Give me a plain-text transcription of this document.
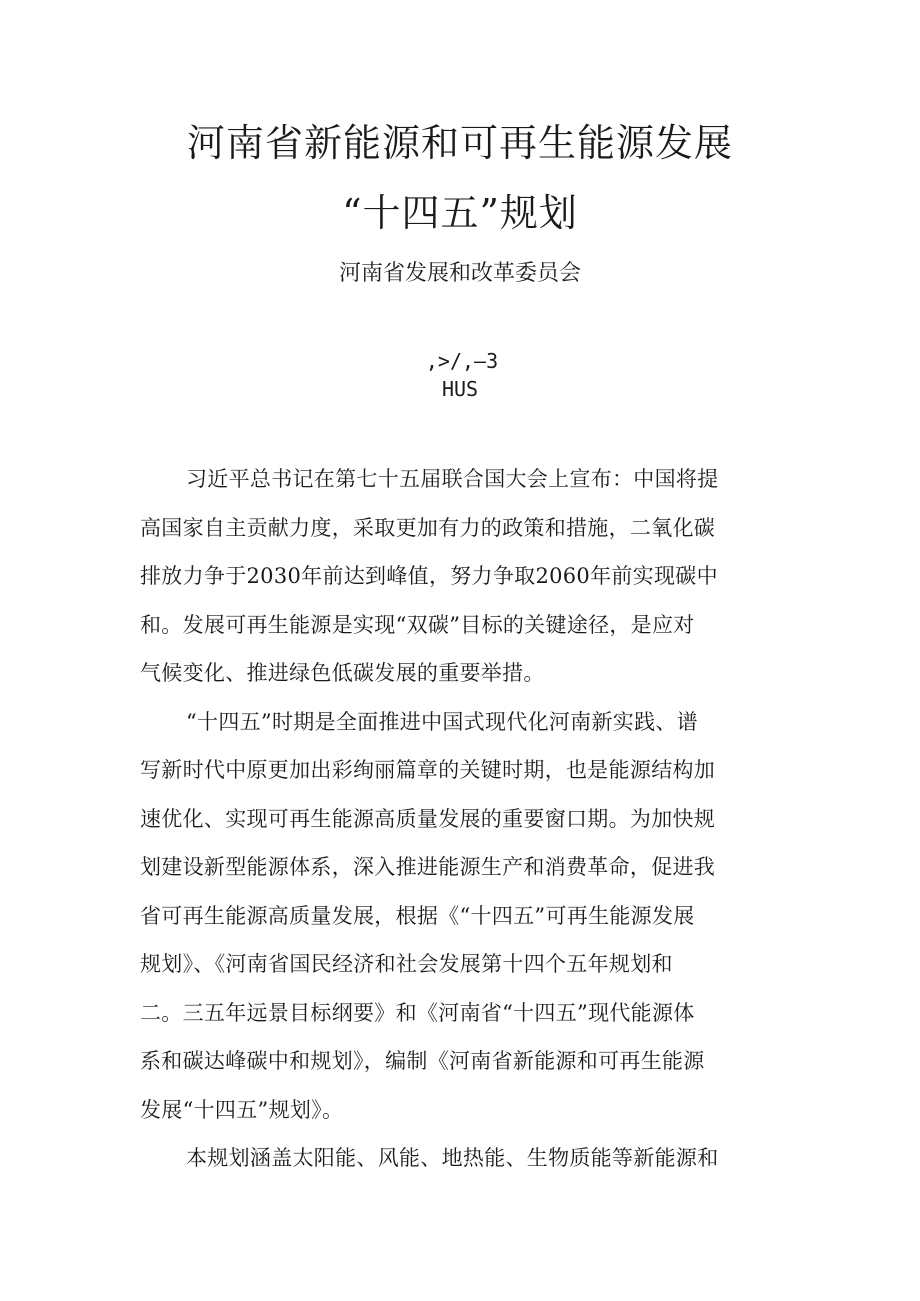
河南省新能源和可再生能源发展
“十四五”规划
河南省发展和改革委员会
,>/,—3
HUS
习近平总书记在第七十五届联合国大会上宣布：中国将提
高国家自主贡献力度，采取更加有力的政策和措施，二氧化碳
排放力争于2030年前达到峰值，努力争取2060年前实现碳中
和。发展可再生能源是实现“双碳”目标的关键途径，是应对
气候变化、推进绿色低碳发展的重要举措。
“十四五”时期是全面推进中国式现代化河南新实践、谱
写新时代中原更加出彩绚丽篇章的关键时期，也是能源结构加
速优化、实现可再生能源高质量发展的重要窗口期。为加快规
划建设新型能源体系，深入推进能源生产和消费革命，促进我
省可再生能源高质量发展，根据《“十四五”可再生能源发展
规划》、《河南省国民经济和社会发展第十四个五年规划和
二。三五年远景目标纲要》和《河南省“十四五”现代能源体
系和碳达峰碳中和规划》，编制《河南省新能源和可再生能源
发展“十四五”规划》。
本规划涵盖太阳能、风能、地热能、生物质能等新能源和
